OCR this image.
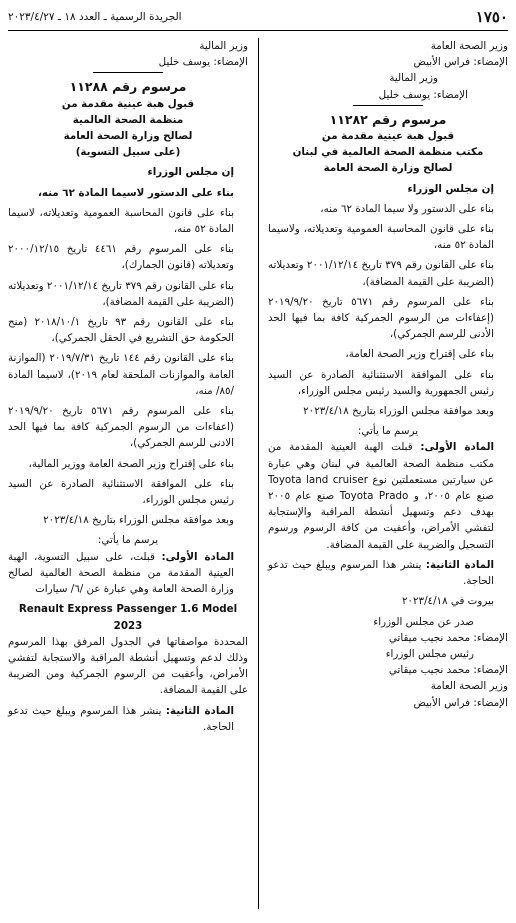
١٧٥٠
الجريدة الرسمية ـ العدد ١٨ ـ ٢٠٢٣/٤/٢٧

وزير الصحة العامة

الإمضاء: فراس الأبيض

وزير المالية

الإمضاء: يوسف خليل

مرسوم رقم ١١٢٨٢

قبول هبة عينية مقدمة من

مكتب منظمة الصحة العالمية في لبنان

لصالح وزارة الصحة العامة

إن مجلس الوزراء

بناء على الدستور ولا سيما المادة ٦٢ منه،

بناء على قانون المحاسبة العمومية وتعديلاته، ولاسيما المادة ٥٢ منه،

بناء على القانون رقم ٣٧٩ تاريخ ٢٠٠١/١٢/١٤ وتعديلاته (الضريبة على القيمة المضافة)،

بناء على المرسوم رقم ٥٦٧١ تاريخ ٢٠١٩/٩/٢٠ (إعفاءات من الرسوم الجمركية كافة بما فيها الحد الأدنى للرسم الجمركي)،

بناء على إقتراح وزير الصحة العامة،

بناء على الموافقة الاستثنائية الصادرة عن السيد رئيس الجمهورية والسيد رئيس مجلس الوزراء،

وبعد موافقة مجلس الوزراء بتاريخ ٢٠٢٣/٤/١٨

يرسم ما يأتي:

المادة الأولى: قبلت الهبة العينية المقدمة من مكتب منظمة الصحة العالمية في لبنان وهي عبارة عن سيارتين مستعملتين نوع Toyota land cruiser صنع عام ٢٠٠٥، و Toyota Prado صنع عام ٢٠٠٥ بهدف دعم وتسهيل أنشطة المراقبة والإستجابة لتفشي الأمراض، وأعفيت من كافة الرسوم ورسوم التسجيل والضريبة على القيمة المضافة.

المادة الثانية: ينشر هذا المرسوم ويبلغ حيث تدعو الحاجة.

بيروت في ٢٠٢٣/٤/١٨

صدر عن مجلس الوزراء

الإمضاء: محمد نجيب ميقاتي

رئيس مجلس الوزراء

الإمضاء: محمد نجيب ميقاتي

وزير الصحة العامة

الإمضاء: فراس الأبيض

وزير المالية

الإمضاء: يوسف خليل

مرسوم رقم ١١٢٨٨

قبول هبة عينية مقدمة من

منظمة الصحة العالمية

لصالح وزارة الصحة العامة

(على سبيل التسوية)

إن مجلس الوزراء

بناء على الدستور لاسيما المادة ٦٢ منه،

بناء على قانون المحاسبة العمومية وتعديلاته، لاسيما المادة ٥٢ منه،

بناء على المرسوم رقم ٤٤٦١ تاريخ ٢٠٠٠/١٢/١٥ وتعديلاته (قانون الجمارك)،

بناء على القانون رقم ٣٧٩ تاريخ ٢٠٠١/١٢/١٤ وتعديلاته (الضريبة على القيمة المضافة)،

بناء على القانون رقم ٩٣ تاريخ ٢٠١٨/١٠/١ (منح الحكومة حق التشريع في الحقل الجمركي)،

بناء على القانون رقم ١٤٤ تاريخ ٢٠١٩/٧/٣١ (الموازنة العامة والموازنات الملحقة لعام ٢٠١٩)، لاسيما المادة /٨٥/ منه،

بناء على المرسوم رقم ٥٦٧١ تاريخ ٢٠١٩/٩/٢٠ (اعفاءات من الرسوم الجمركية كافة بما فيها الحد الادنى للرسم الجمركي)،

بناء على إقتراح وزير الصحة العامة ووزير المالية،

بناء على الموافقة الاستثنائية الصادرة عن السيد رئيس مجلس الوزراء،

وبعد موافقة مجلس الوزراء بتاريخ ٢٠٢٣/٤/١٨

يرسم ما يأتي:

المادة الأولى: قبلت، على سبيل التسوية، الهبة العينية المقدمة من منظمة الصحة العالمية لصالح وزارة الصحة العامة وهي عبارة عن /٦/ سيارات

Renault Express Passenger 1.6 Model 2023

المحددة مواصفاتها في الجدول المرفق بهذا المرسوم وذلك لدعم وتسهيل أنشطة المراقبة والاستجابة لتفشي الأمراض، وأعفيت من الرسوم الجمركية ومن الضريبة على القيمة المضافة.

المادة الثانية: ينشر هذا المرسوم ويبلغ حيث تدعو الحاجة.
